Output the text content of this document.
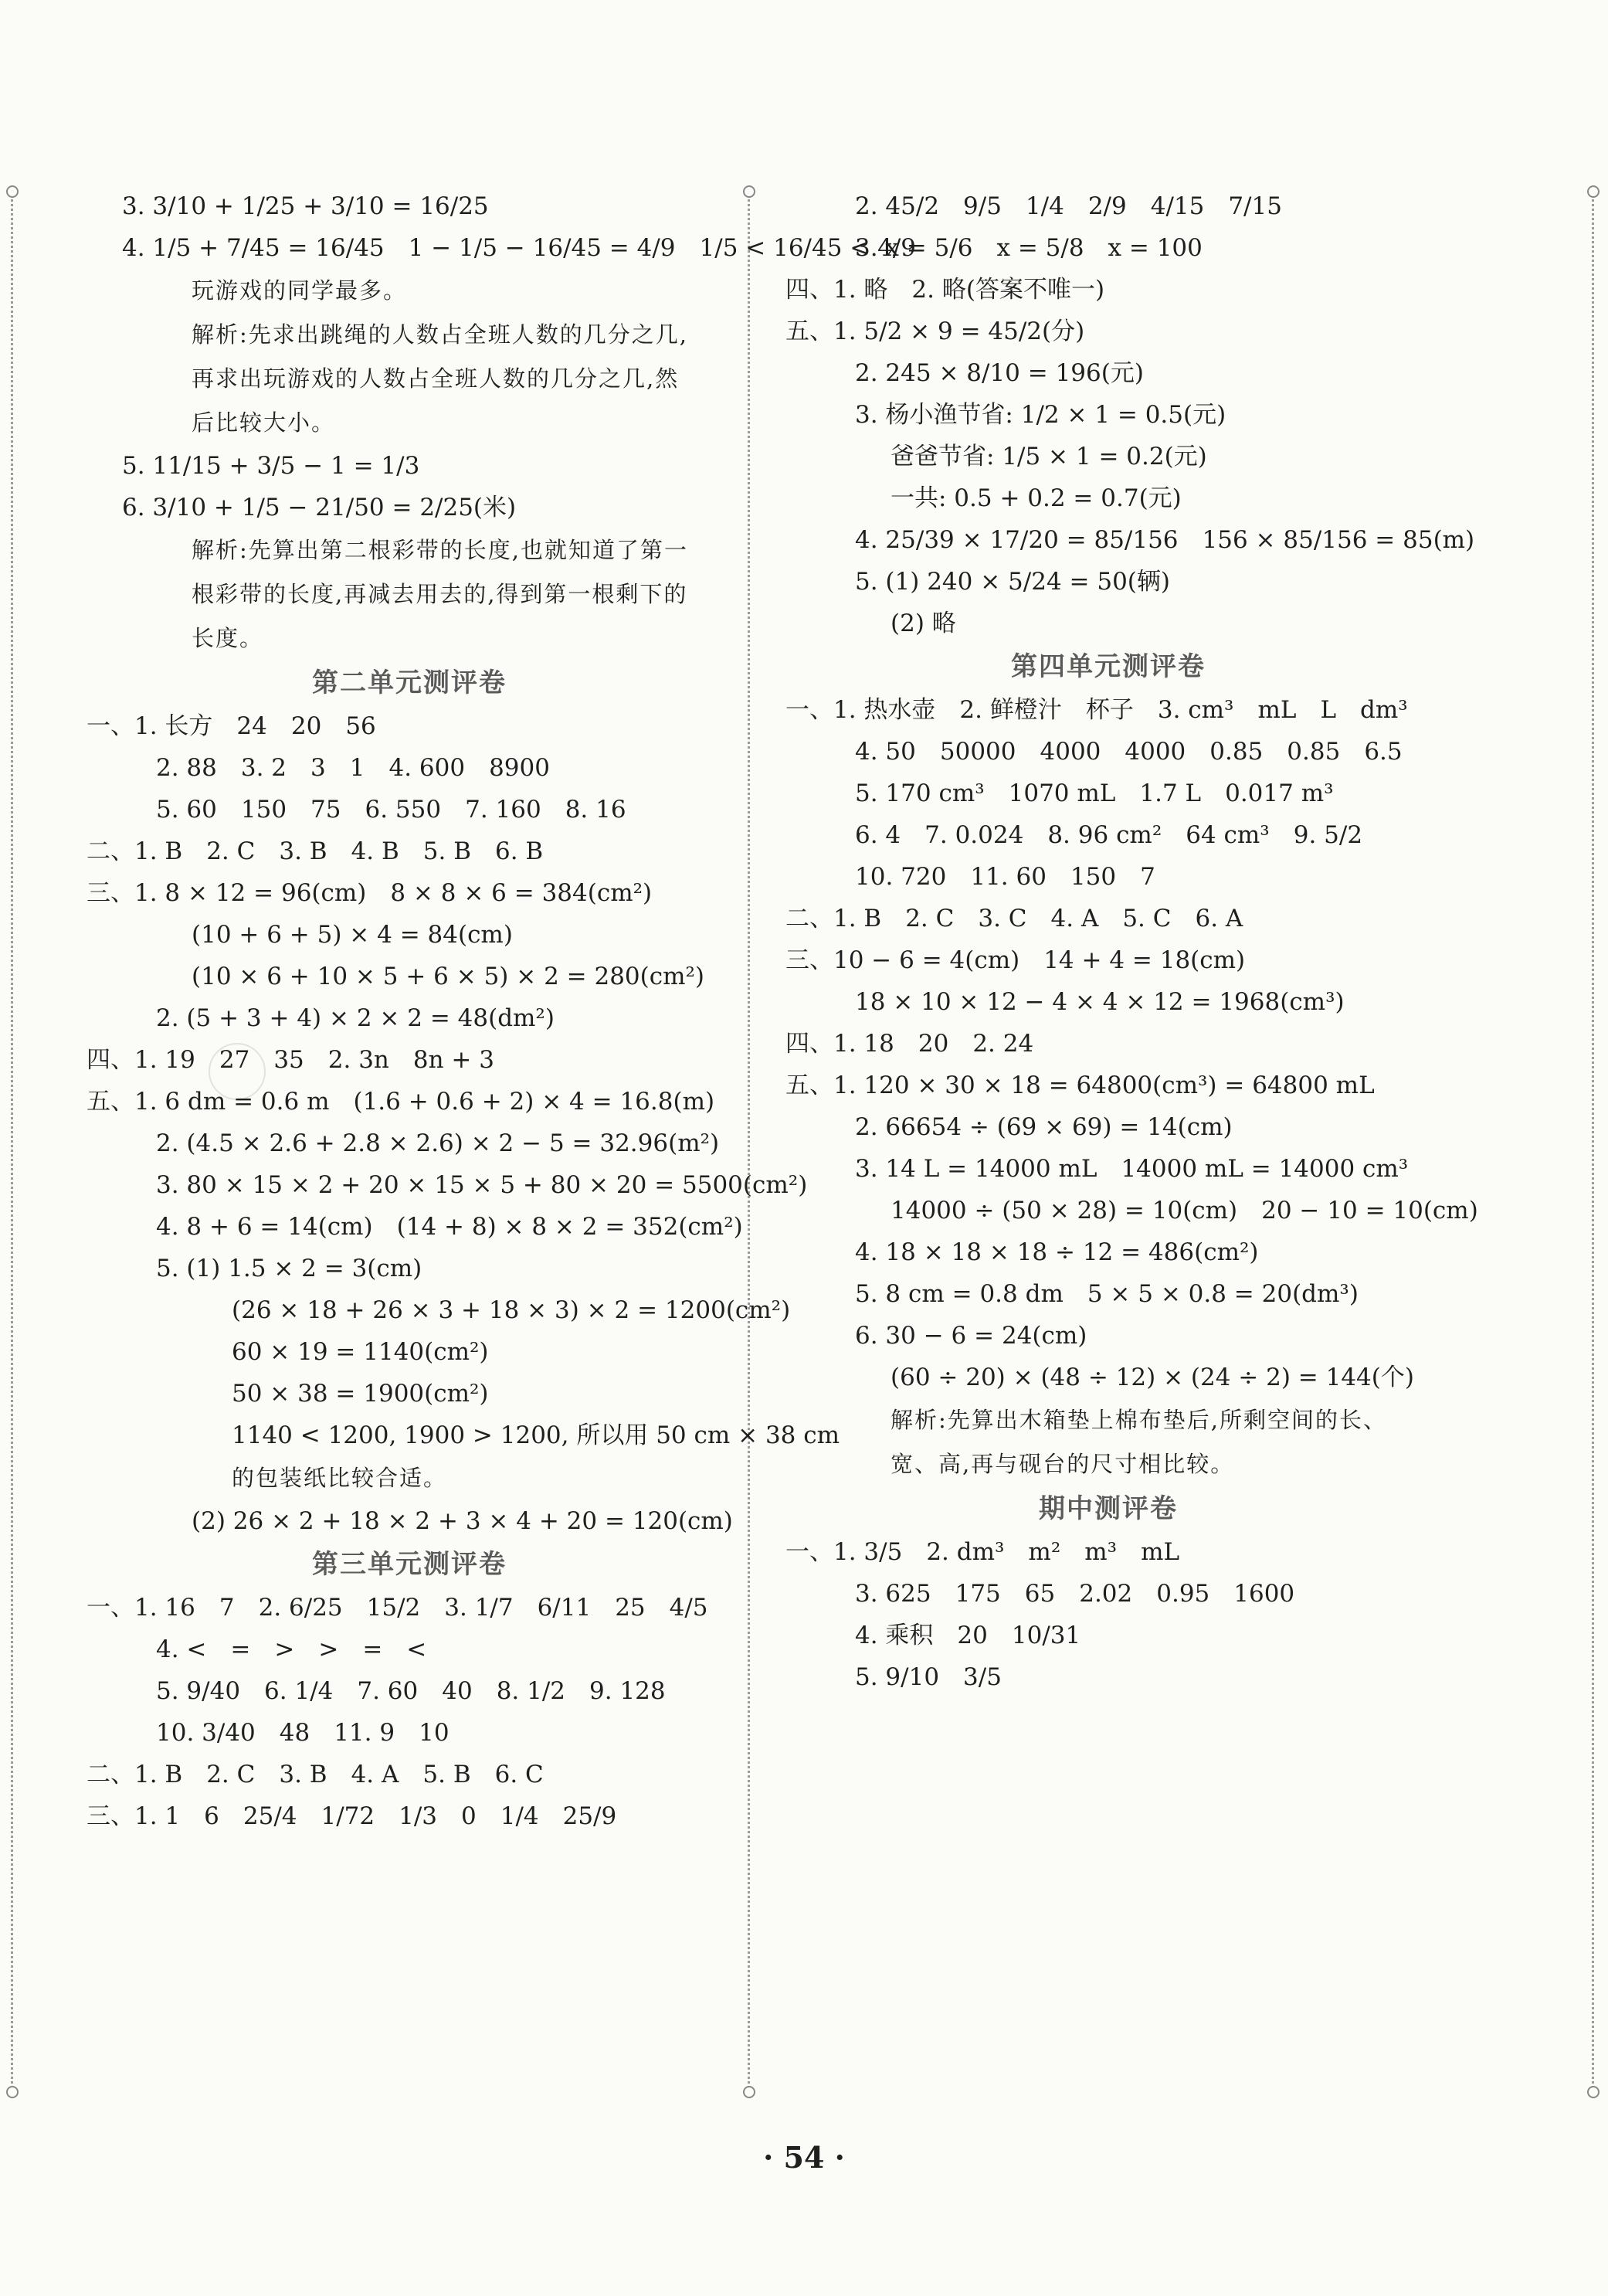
3. 3/10 + 1/25 + 3/10 = 16/25
4. 1/5 + 7/45 = 16/45　1 − 1/5 − 16/45 = 4/9　1/5 < 16/45 < 4/9
玩游戏的同学最多。
解析:先求出跳绳的人数占全班人数的几分之几,
再求出玩游戏的人数占全班人数的几分之几,然
后比较大小。
5. 11/15 + 3/5 − 1 = 1/3
6. 3/10 + 1/5 − 21/50 = 2/25(米)
解析:先算出第二根彩带的长度,也就知道了第一
根彩带的长度,再减去用去的,得到第一根剩下的
长度。
第二单元测评卷
一、1. 长方　24　20　56
2. 88　3. 2　3　1　4. 600　8900
5. 60　150　75　6. 550　7. 160　8. 16
二、1. B　2. C　3. B　4. B　5. B　6. B
三、1. 8 × 12 = 96(cm)　8 × 8 × 6 = 384(cm²)
(10 + 6 + 5) × 4 = 84(cm)
(10 × 6 + 10 × 5 + 6 × 5) × 2 = 280(cm²)
2. (5 + 3 + 4) × 2 × 2 = 48(dm²)
四、1. 19　27　35　2. 3n　8n + 3
五、1. 6 dm = 0.6 m　(1.6 + 0.6 + 2) × 4 = 16.8(m)
2. (4.5 × 2.6 + 2.8 × 2.6) × 2 − 5 = 32.96(m²)
3. 80 × 15 × 2 + 20 × 15 × 5 + 80 × 20 = 5500(cm²)
4. 8 + 6 = 14(cm)　(14 + 8) × 8 × 2 = 352(cm²)
5. (1) 1.5 × 2 = 3(cm)
(26 × 18 + 26 × 3 + 18 × 3) × 2 = 1200(cm²)
60 × 19 = 1140(cm²)
50 × 38 = 1900(cm²)
1140 < 1200, 1900 > 1200, 所以用 50 cm × 38 cm
的包装纸比较合适。
(2) 26 × 2 + 18 × 2 + 3 × 4 + 20 = 120(cm)
第三单元测评卷
一、1. 16　7　2. 6/25　15/2　3. 1/7　6/11　25　4/5
4. <　=　>　>　=　<
5. 9/40　6. 1/4　7. 60　40　8. 1/2　9. 128
10. 3/40　48　11. 9　10
二、1. B　2. C　3. B　4. A　5. B　6. C
三、1. 1　6　25/4　1/72　1/3　0　1/4　25/9
2. 45/2　9/5　1/4　2/9　4/15　7/15
3. x = 5/6　x = 5/8　x = 100
四、1. 略　2. 略(答案不唯一)
五、1. 5/2 × 9 = 45/2(分)
2. 245 × 8/10 = 196(元)
3. 杨小渔节省: 1/2 × 1 = 0.5(元)
爸爸节省: 1/5 × 1 = 0.2(元)
一共: 0.5 + 0.2 = 0.7(元)
4. 25/39 × 17/20 = 85/156　156 × 85/156 = 85(m)
5. (1) 240 × 5/24 = 50(辆)
(2) 略
第四单元测评卷
一、1. 热水壶　2. 鲜橙汁　杯子　3. cm³　mL　L　dm³
4. 50　50000　4000　4000　0.85　0.85　6.5
5. 170 cm³　1070 mL　1.7 L　0.017 m³
6. 4　7. 0.024　8. 96 cm²　64 cm³　9. 5/2
10. 720　11. 60　150　7
二、1. B　2. C　3. C　4. A　5. C　6. A
三、10 − 6 = 4(cm)　14 + 4 = 18(cm)
18 × 10 × 12 − 4 × 4 × 12 = 1968(cm³)
四、1. 18　20　2. 24
五、1. 120 × 30 × 18 = 64800(cm³) = 64800 mL
2. 66654 ÷ (69 × 69) = 14(cm)
3. 14 L = 14000 mL　14000 mL = 14000 cm³
14000 ÷ (50 × 28) = 10(cm)　20 − 10 = 10(cm)
4. 18 × 18 × 18 ÷ 12 = 486(cm²)
5. 8 cm = 0.8 dm　5 × 5 × 0.8 = 20(dm³)
6. 30 − 6 = 24(cm)
(60 ÷ 20) × (48 ÷ 12) × (24 ÷ 2) = 144(个)
解析:先算出木箱垫上棉布垫后,所剩空间的长、
宽、高,再与砚台的尺寸相比较。
期中测评卷
一、1. 3/5　2. dm³　m²　m³　mL
3. 625　175　65　2.02　0.95　1600
4. 乘积　20　10/31
5. 9/10　3/5
· 54 ·
